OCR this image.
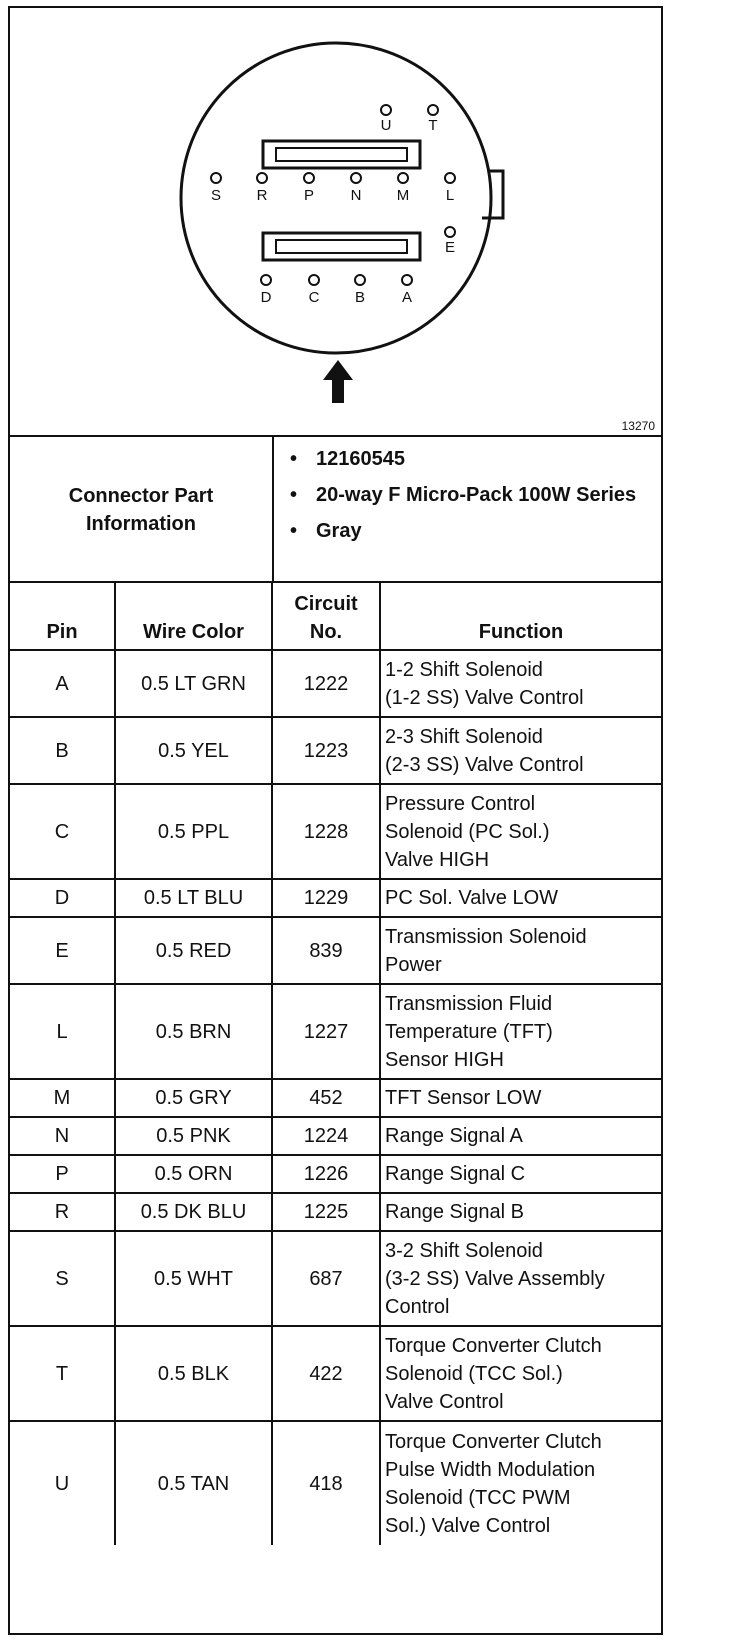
U	T
S	R	P	N	M	L
E
D	C	B	A
13270
Connector Part
Information
• 12160545
• 20-way F Micro-Pack 100W Series
• Gray
Pin	Wire Color	Circuit
No.	Function
A	0.5 LT GRN	1222	1-2 Shift Solenoid
(1-2 SS) Valve Control

B	0.5 YEL	1223	2-3 Shift Solenoid
(2-3 SS) Valve Control

C	0.5 PPL	1228	Pressure Control
Solenoid (PC Sol.)
Valve HIGH

D	0.5 LT BLU	1229	PC Sol. Valve LOW

E	0.5 RED	839	Transmission Solenoid
Power

L	0.5 BRN	1227	Transmission Fluid
Temperature (TFT)
Sensor HIGH

M	0.5 GRY	452	TFT Sensor LOW

N	0.5 PNK	1224	Range Signal A

P	0.5 ORN	1226	Range Signal C

R	0.5 DK BLU	1225	Range Signal B

S	0.5 WHT	687	3-2 Shift Solenoid
(3-2 SS) Valve Assembly
Control

T	0.5 BLK	422	Torque Converter Clutch
Solenoid (TCC Sol.)
Valve Control

U	0.5 TAN	418	Torque Converter Clutch
Pulse Width Modulation
Solenoid (TCC PWM
Sol.) Valve Control
